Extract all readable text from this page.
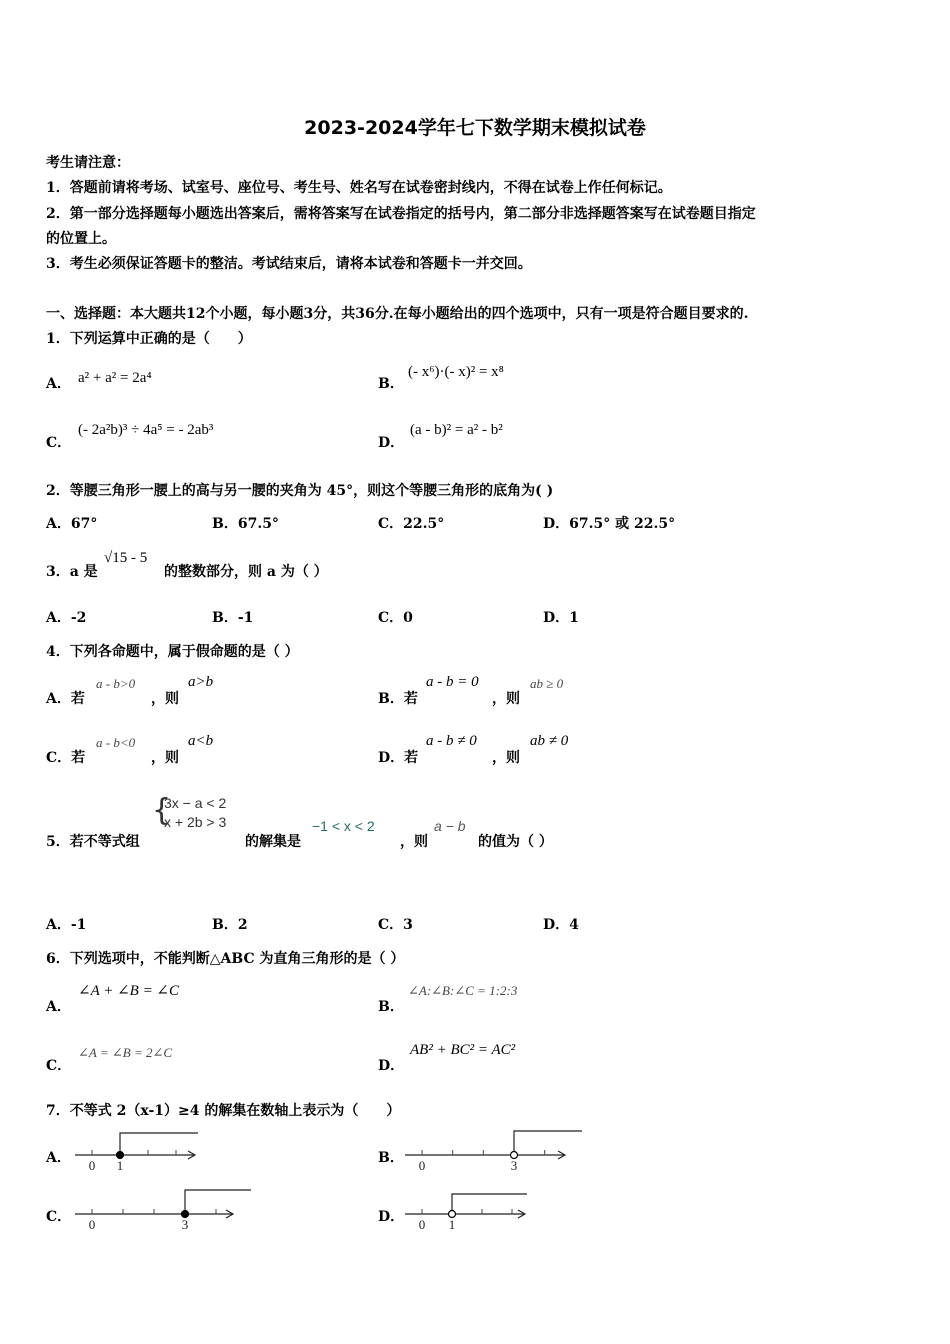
2023-2024学年七下数学期末模拟试卷
考生请注意：
1．答题前请将考场、试室号、座位号、考生号、姓名写在试卷密封线内，不得在试卷上作任何标记。
2．第一部分选择题每小题选出答案后，需将答案写在试卷指定的括号内，第二部分非选择题答案写在试卷题目指定
的位置上。
3．考生必须保证答题卡的整洁。考试结束后，请将本试卷和答题卡一并交回。
一、选择题：本大题共12个小题，每小题3分，共36分.在每小题给出的四个选项中，只有一项是符合题目要求的.
1．下列运算中正确的是（　　）
A． a² + a² = 2a⁴	B．
(- x⁶)·(- x)² = x⁸
C．
(- 2a²b)³ ÷ 4a⁵ = - 2ab³
D．
(a - b)² = a² - b²
2．等腰三角形一腰上的高与另一腰的夹角为 45°，则这个等腰三角形的底角为( )
A．67°	B．67.5°	C．22.5°	D．67.5° 或 22.5°
3．a 是
√15 - 5
的整数部分，则 a 为（ ）
A．-2	B．-1	C．0	D．1
4．下列各命题中，属于假命题的是（ ）
A．若
a - b>0
，则
a>b
B．若
a - b = 0
，则
ab ≥ 0
C．若
a - b<0
，则
a<b
D．若
a - b ≠ 0
，则
ab ≠ 0
5．若不等式组
{
3x − a < 2
x + 2b > 3
的解集是
−1 < x < 2
，则
a − b
的值为（ ）
A．-1	B．2	C．3	D．4
6．下列选项中，不能判断△ABC 为直角三角形的是（ ）
A．
∠A + ∠B = ∠C
B．
∠A:∠B:∠C = 1:2:3
C．
∠A = ∠B = 2∠C
D．
AB² + BC² = AC²
7．不等式 2（x-1）≥4 的解集在数轴上表示为（　　）
A．	B．
C．	D．
0 1	0	3
0	3	0 1
